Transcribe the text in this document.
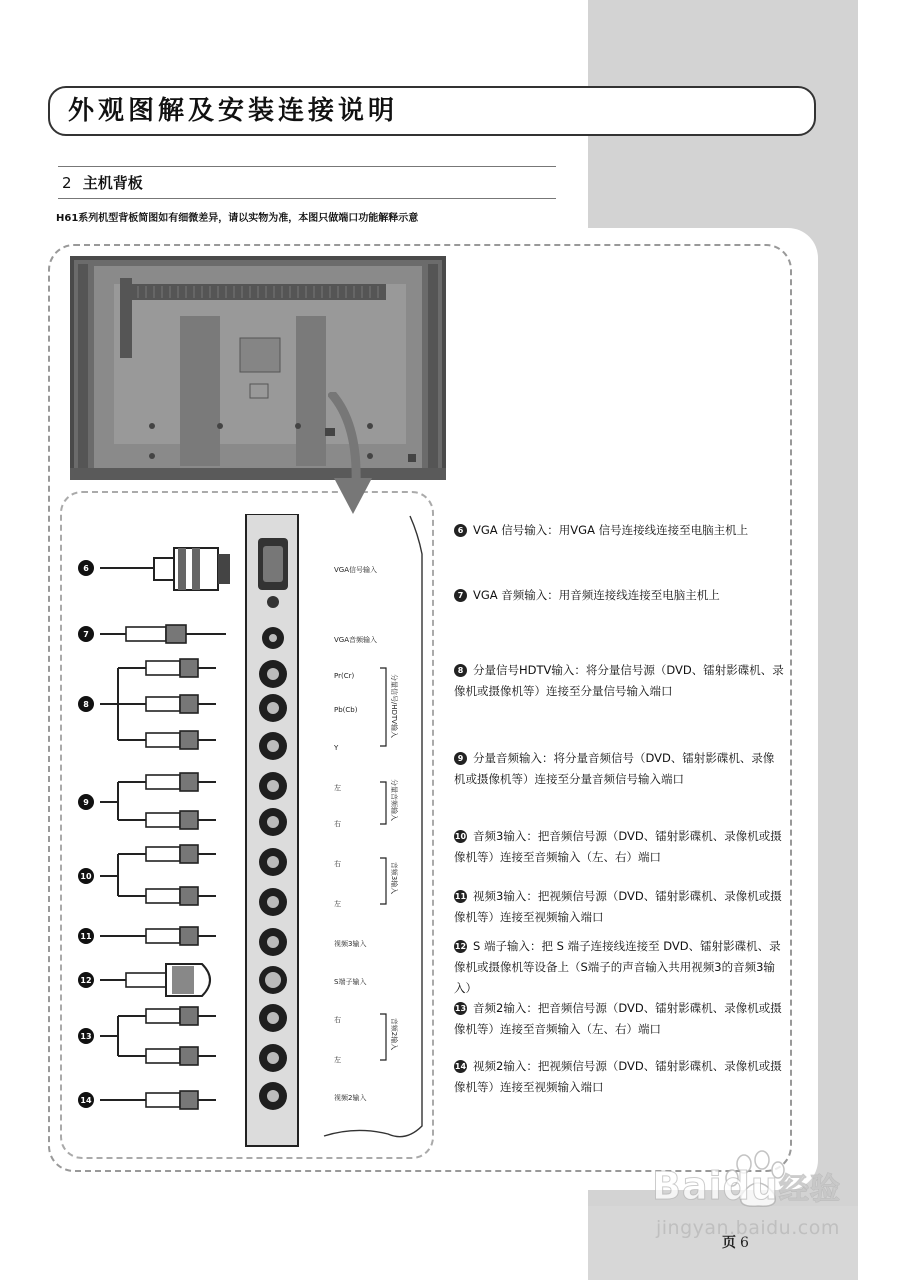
外观图解及安装连接说明
2 主机背板
H61系列机型背板简图如有细微差异，请以实物为准，本图只做端口功能解释示意
6
7
8
9
10
11
12
13
14
VGA信号输入
VGA音频输入
Pr(Cr)
Pb(Cb)
Y
左
右
右
左
视频3输入
S端子输入
右
左
视频2输入
分量信号/HDTV输入
分量音频输入
音频3输入
音频2输入
6 VGA 信号输入：用VGA 信号连接线连接至电脑主机上
7 VGA 音频输入：用音频连接线连接至电脑主机上
8 分量信号HDTV输入：将分量信号源（DVD、镭射影碟机、录像机或摄像机等）连接至分量信号输入端口
9 分量音频输入：将分量音频信号（DVD、镭射影碟机、录像机或摄像机等）连接至分量音频信号输入端口
10 音频3输入：把音频信号源（DVD、镭射影碟机、录像机或摄像机等）连接至音频输入（左、右）端口
11 视频3输入：把视频信号源（DVD、镭射影碟机、录像机或摄像机等）连接至视频输入端口
12 S 端子输入：把 S 端子连接线连接至 DVD、镭射影碟机、录像机或摄像机等设备上（S端子的声音输入共用视频3的音频3输入）
13 音频2输入：把音频信号源（DVD、镭射影碟机、录像机或摄像机等）连接至音频输入（左、右）端口
14 视频2输入：把视频信号源（DVD、镭射影碟机、录像机或摄像机等）连接至视频输入端口
Baidu经验
jingyan.baidu.com
页 6
